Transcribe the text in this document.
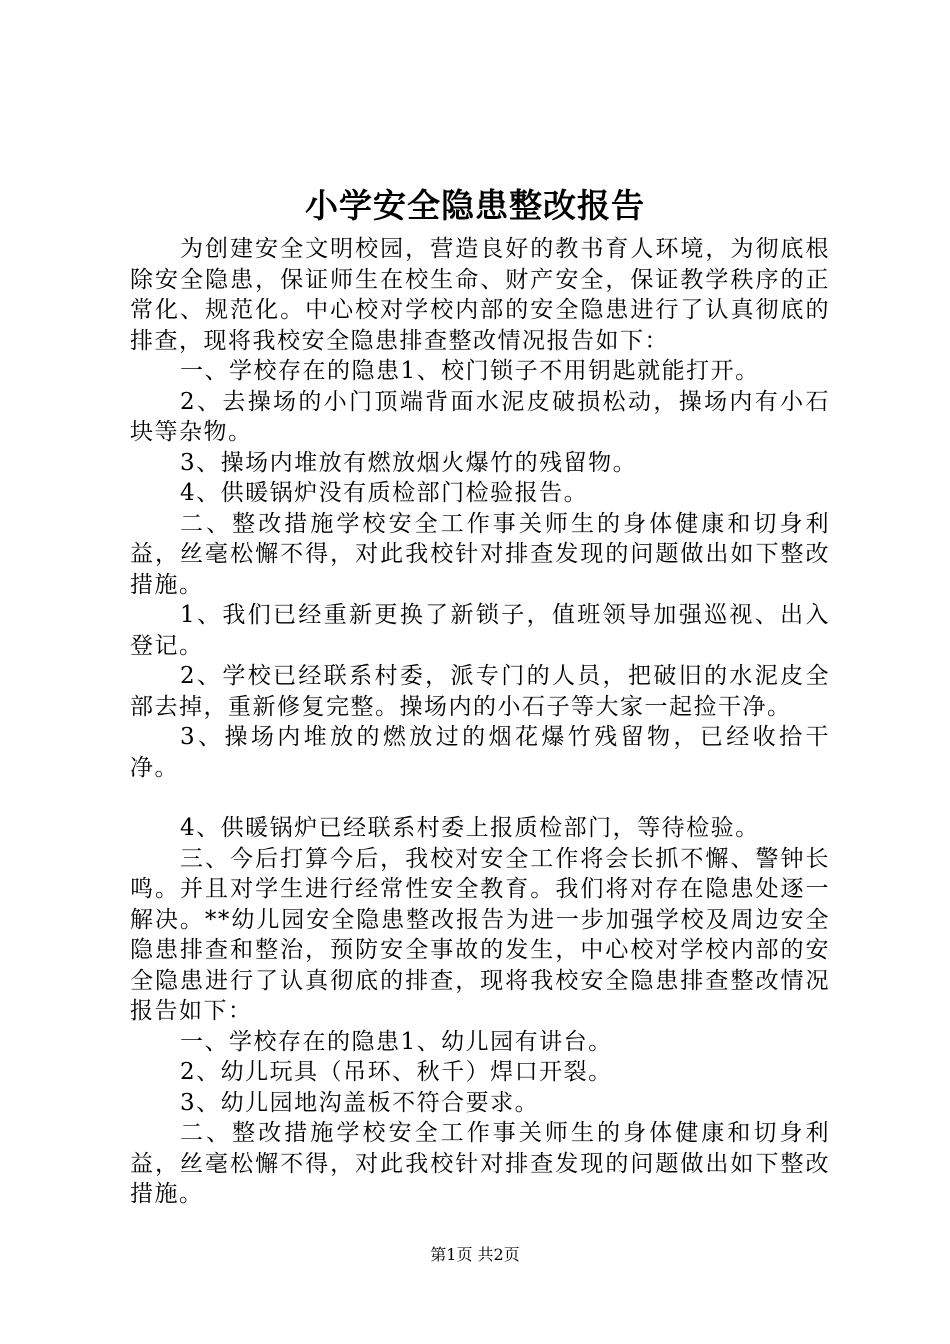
小学安全隐患整改报告

为创建安全文明校园，营造良好的教书育人环境，为彻底根除安全隐患，保证师生在校生命、财产安全，保证教学秩序的正常化、规范化。中心校对学校内部的安全隐患进行了认真彻底的排查，现将我校安全隐患排查整改情况报告如下：

一、学校存在的隐患1、校门锁子不用钥匙就能打开。

2、去操场的小门顶端背面水泥皮破损松动，操场内有小石块等杂物。

3、操场内堆放有燃放烟火爆竹的残留物。

4、供暖锅炉没有质检部门检验报告。

二、整改措施学校安全工作事关师生的身体健康和切身利益，丝毫松懈不得，对此我校针对排查发现的问题做出如下整改措施。

1、我们已经重新更换了新锁子，值班领导加强巡视、出入登记。

2、学校已经联系村委，派专门的人员，把破旧的水泥皮全部去掉，重新修复完整。操场内的小石子等大家一起捡干净。

3、操场内堆放的燃放过的烟花爆竹残留物，已经收拾干净。

4、供暖锅炉已经联系村委上报质检部门，等待检验。

三、今后打算今后，我校对安全工作将会长抓不懈、警钟长鸣。并且对学生进行经常性安全教育。我们将对存在隐患处逐一解决。**幼儿园安全隐患整改报告为进一步加强学校及周边安全隐患排查和整治，预防安全事故的发生，中心校对学校内部的安全隐患进行了认真彻底的排查，现将我校安全隐患排查整改情况报告如下：

一、学校存在的隐患1、幼儿园有讲台。

2、幼儿玩具（吊环、秋千）焊口开裂。

3、幼儿园地沟盖板不符合要求。

二、整改措施学校安全工作事关师生的身体健康和切身利益，丝毫松懈不得，对此我校针对排查发现的问题做出如下整改措施。

第1页 共2页
